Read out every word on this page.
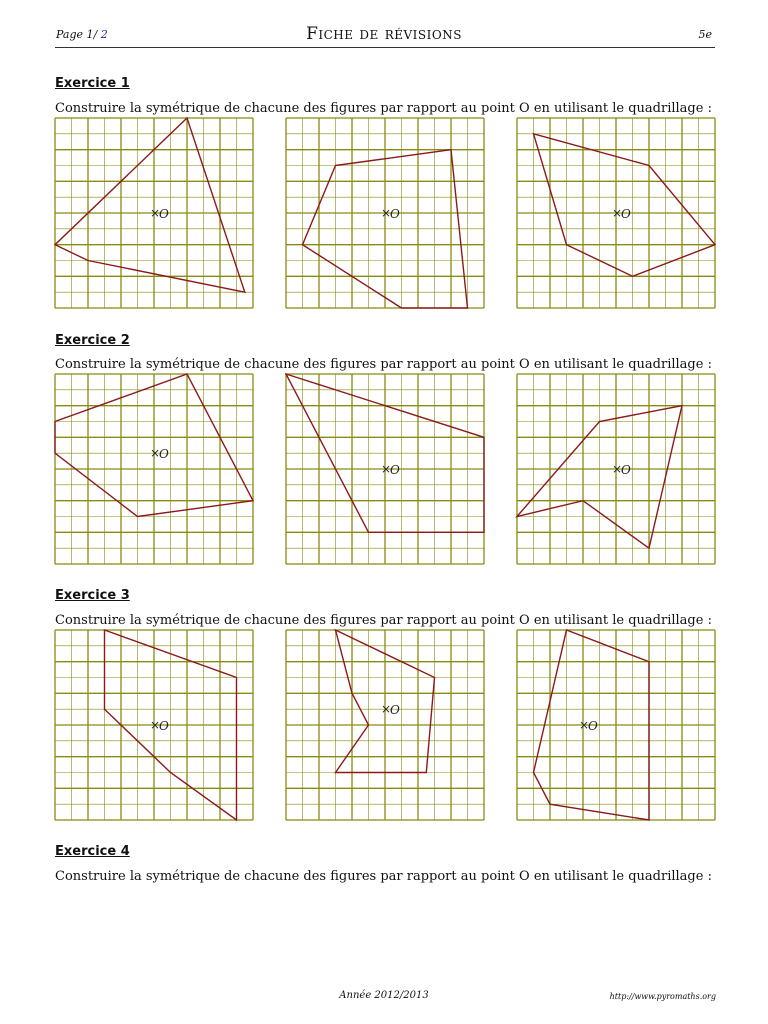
Page 1/ 2	Fiche de révisions	5e
Exercice 1
Construire la symétrique de chacune des figures par rapport au point O en utilisant le quadrillage :
×
O	×
O	×
O
Exercice 2
Construire la symétrique de chacune des figures par rapport au point O en utilisant le quadrillage :
×
O
×
O	×
O
Exercice 3
Construire la symétrique de chacune des figures par rapport au point O en utilisant le quadrillage :
×
O
×
O
×
O
Exercice 4
Construire la symétrique de chacune des figures par rapport au point O en utilisant le quadrillage :
Année 2012/2013	http://www.pyromaths.org
